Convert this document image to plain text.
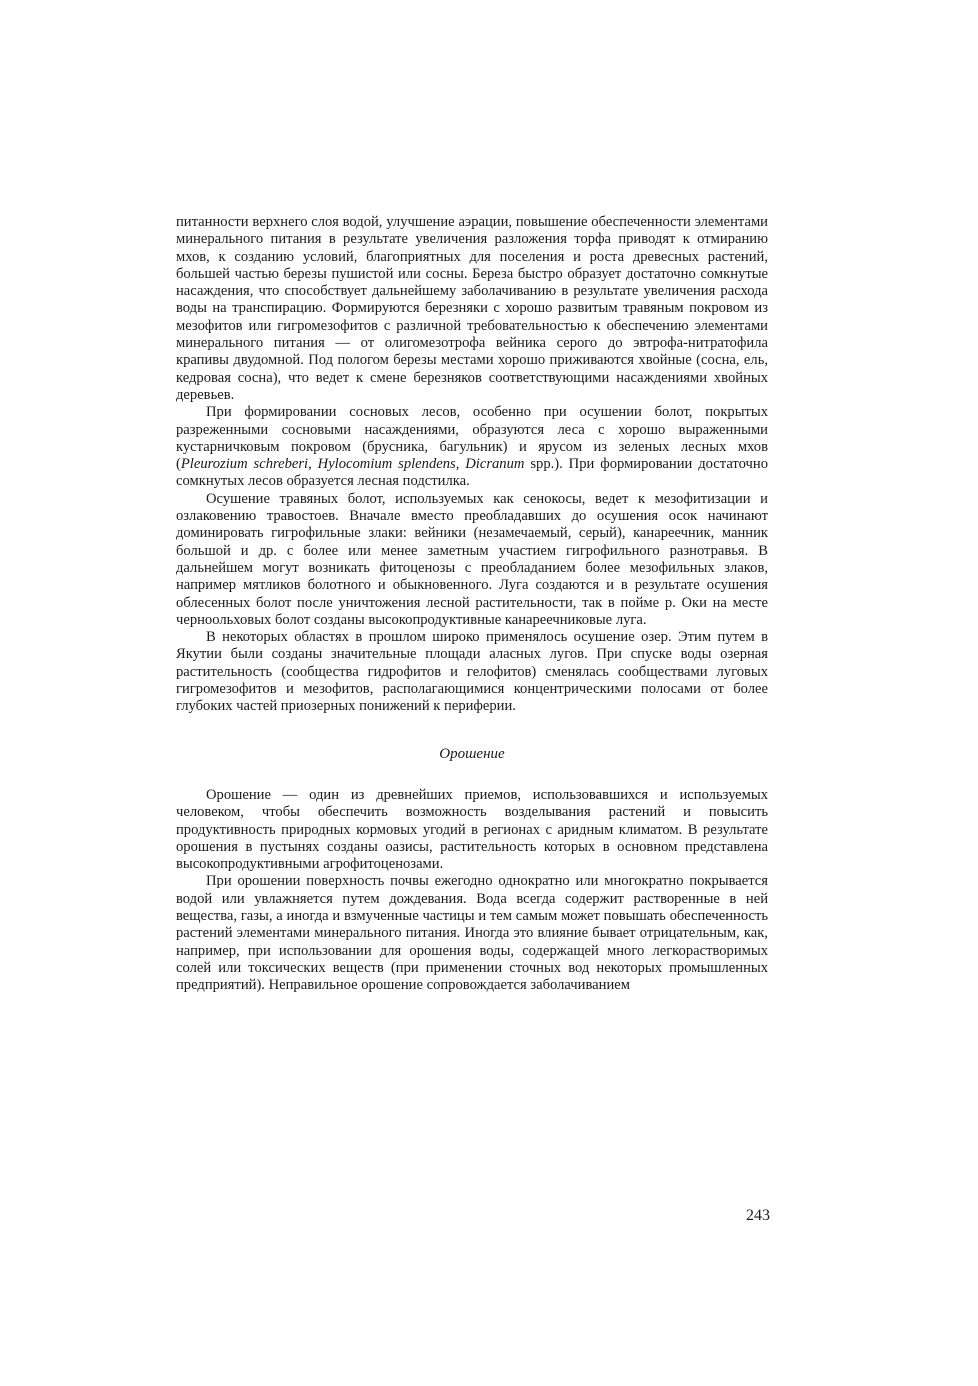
питанности верхнего слоя водой, улучшение аэрации, повышение обеспеченности элементами минерального питания в результате увеличения разложения торфа приводят к отмиранию мхов, к созданию условий, благоприятных для поселения и роста древесных растений, большей частью березы пушистой или сосны. Береза быстро образует достаточно сомкнутые насаждения, что способствует дальнейшему заболачиванию в результате увеличения расхода воды на транспирацию. Формируются березняки с хорошо развитым травяным покровом из мезофитов или гигромезофитов с различной требовательностью к обеспечению элементами минерального питания — от олигомезотрофа вейника серого до эвтрофа-нитратофила крапивы двудомной. Под пологом березы местами хорошо приживаются хвойные (сосна, ель, кедровая сосна), что ведет к смене березняков соответствующими насаждениями хвойных деревьев.

При формировании сосновых лесов, особенно при осушении болот, покрытых разреженными сосновыми насаждениями, образуются леса с хорошо выраженными кустарничковым покровом (брусника, багульник) и ярусом из зеленых лесных мхов (Pleurozium schreberi, Hylocomium splendens, Dicranum spp.). При формировании достаточно сомкнутых лесов образуется лесная подстилка.

Осушение травяных болот, используемых как сенокосы, ведет к мезофитизации и озлаковению травостоев. Вначале вместо преобладавших до осушения осок начинают доминировать гигрофильные злаки: вейники (незамечаемый, серый), канареечник, манник большой и др. с более или менее заметным участием гигрофильного разнотравья. В дальнейшем могут возникать фитоценозы с преобладанием более мезофильных злаков, например мятликов болотного и обыкновенного. Луга создаются и в результате осушения облесенных болот после уничтожения лесной растительности, так в пойме р. Оки на месте черноольховых болот созданы высокопродуктивные канареечниковые луга.

В некоторых областях в прошлом широко применялось осушение озер. Этим путем в Якутии были созданы значительные площади аласных лугов. При спуске воды озерная растительность (сообщества гидрофитов и гелофитов) сменялась сообществами луговых гигромезофитов и мезофитов, располагающимися концентрическими полосами от более глубоких частей приозерных понижений к периферии.

Орошение

Орошение — один из древнейших приемов, использовавшихся и используемых человеком, чтобы обеспечить возможность возделывания растений и повысить продуктивность природных кормовых угодий в регионах с аридным климатом. В результате орошения в пустынях созданы оазисы, растительность которых в основном представлена высокопродуктивными агрофитоценозами.

При орошении поверхность почвы ежегодно однократно или многократно покрывается водой или увлажняется путем дождевания. Вода всегда содержит растворенные в ней вещества, газы, а иногда и взмученные частицы и тем самым может повышать обеспеченность растений элементами минерального питания. Иногда это влияние бывает отрицательным, как, например, при использовании для орошения воды, содержащей много легкорастворимых солей или токсических веществ (при применении сточных вод некоторых промышленных предприятий). Неправильное орошение сопровождается заболачиванием

243
